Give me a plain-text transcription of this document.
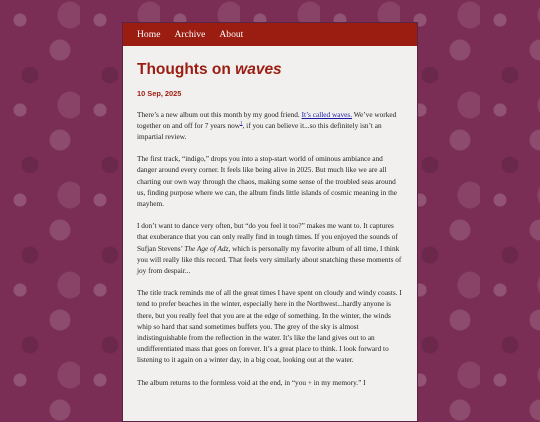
Home Archive About
Thoughts on waves
10 Sep, 2025

There’s a new album out this month by my good friend. It’s called waves. We’ve worked together on and off for 7 years now$^1$, if you can believe it...so this definitely isn’t an impartial review.

The first track, “indigo,” drops you into a stop-start world of ominous ambiance and danger around every corner. It feels like being alive in 2025. But much like we are all charting our own way through the chaos, making some sense of the troubled seas around us, finding purpose where we can, the album finds little islands of cosmic meaning in the mayhem.

I don’t want to dance very often, but “do you feel it too?” makes me want to. It captures that exuberance that you can only really find in tough times. If you enjoyed the sounds of Sufjan Stevens’ The Age of Adz, which is personally my favorite album of all time, I think you will really like this record. That feels very similarly about snatching these moments of joy from despair...

The title track reminds me of all the great times I have spent on cloudy and windy coasts. I tend to prefer beaches in the winter, especially here in the Northwest...hardly anyone is there, but you really feel that you are at the edge of something. In the winter, the winds whip so hard that sand sometimes buffets you. The grey of the sky is almost indistinguishable from the reflection in the water. It’s like the land gives out to an undifferentiated mass that goes on forever. It’s a great place to think. I look forward to listening to it again on a winter day, in a big coat, looking out at the water.

The album returns to the formless void at the end, in “you + in my memory.” I
